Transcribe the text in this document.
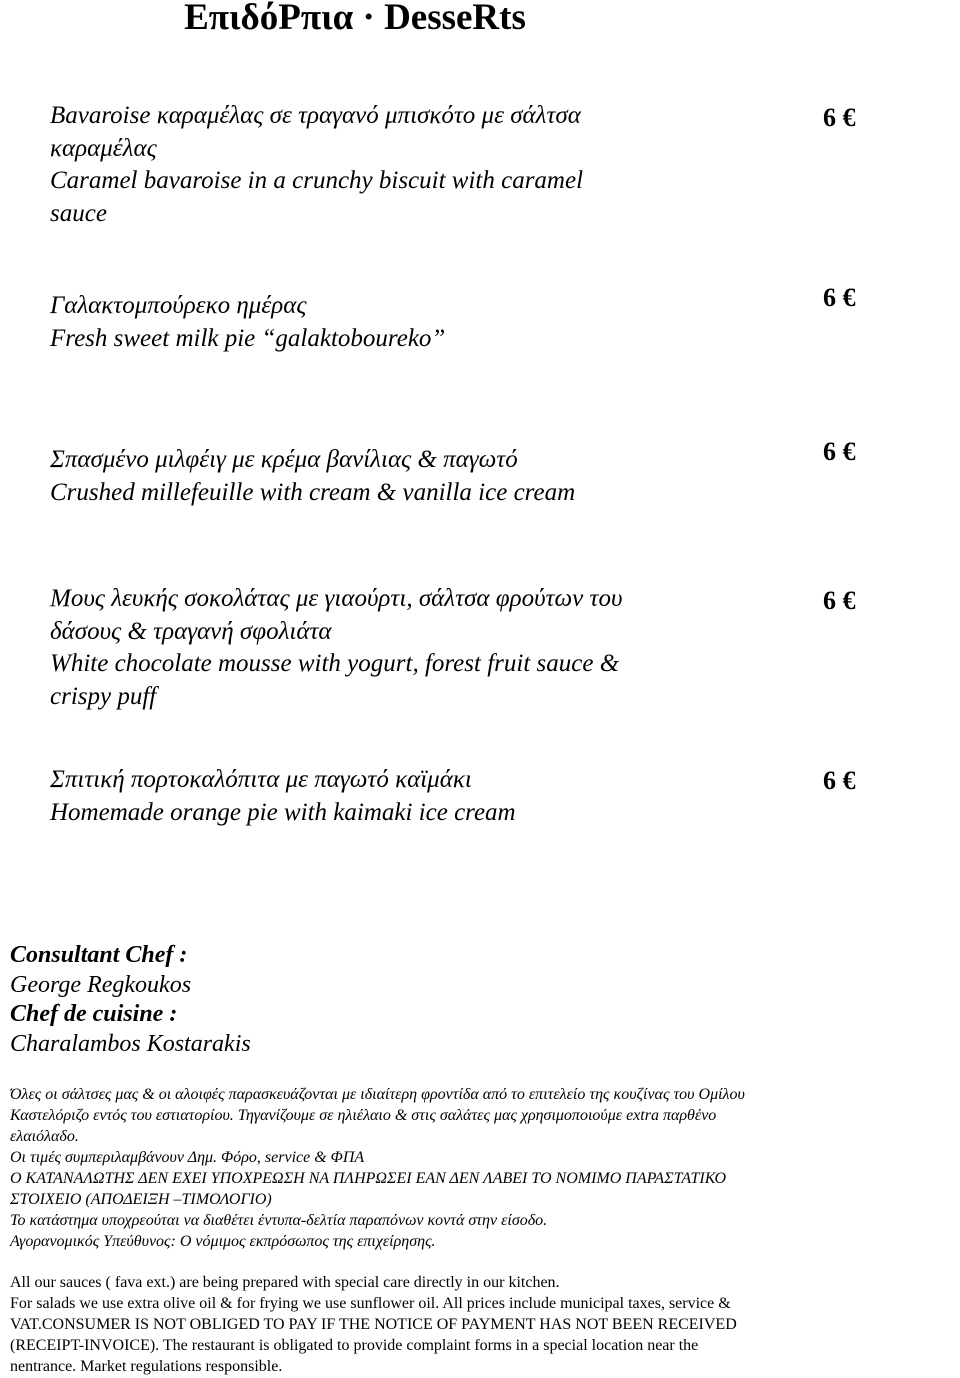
ΕπιδόΡπια · DesseRts
Bavaroise καραμέλας σε τραγανό μπισκότο με σάλτσα
καραμέλας
Caramel bavaroise in a crunchy biscuit with caramel
sauce
6 €
Γαλακτομπούρεκο ημέρας
Fresh sweet milk pie “galaktoboureko”
6 €
Σπασμένο μιλφέιγ με κρέμα βανίλιας & παγωτό
Crushed millefeuille with cream & vanilla ice cream
6 €
Μους λευκής σοκολάτας με γιαούρτι, σάλτσα φρούτων του
δάσους & τραγανή σφολιάτα
White chocolate mousse with yogurt, forest fruit sauce &
crispy puff
6 €
Σπιτική πορτοκαλόπιτα με παγωτό καϊμάκι
Homemade orange pie with kaimaki ice cream
6 €
Consultant Chef :
George Regkoukos
Chef de cuisine :
Charalambos Kostarakis
Όλες οι σάλτσες μας & οι αλοιφές παρασκευάζονται με ιδιαίτερη φροντίδα από το επιτελείο της κουζίνας του Ομίλου
Καστελόριζο εντός του εστιατορίου. Τηγανίζουμε σε ηλιέλαιο & στις σαλάτες μας χρησιμοποιούμε extra παρθένο
ελαιόλαδο.
Οι τιμές συμπεριλαμβάνουν Δημ. Φόρο, service & ΦΠΑ
Ο ΚΑΤΑΝΑΛΩΤΗΣ ΔΕΝ ΕΧΕΙ ΥΠΟΧΡΕΩΣΗ ΝΑ ΠΛΗΡΩΣΕΙ ΕΑΝ ΔΕΝ ΛΑΒΕΙ ΤΟ ΝΟΜΙΜΟ ΠΑΡΑΣΤΑΤΙΚΟ
ΣΤΟΙΧΕΙΟ (ΑΠΟΔΕΙΞΗ –ΤΙΜΟΛΟΓΙΟ)
Το κατάστημα υποχρεούται να διαθέτει έντυπα-δελτία παραπόνων κοντά στην είσοδο.
Αγορανομικός Υπεύθυνος: Ο νόμιμος εκπρόσωπος της επιχείρησης.
All our sauces ( fava ext.) are being prepared with special care directly in our kitchen.
For salads we use extra olive oil & for frying we use sunflower oil. All prices include municipal taxes, service &
VAT.CONSUMER IS NOT OBLIGED TO PAY IF THE NOTICE OF PAYMENT HAS NOT BEEN RECEIVED
(RECEIPT-INVOICE). The restaurant is obligated to provide complaint forms in a special location near the
nentrance. Market regulations responsible.
